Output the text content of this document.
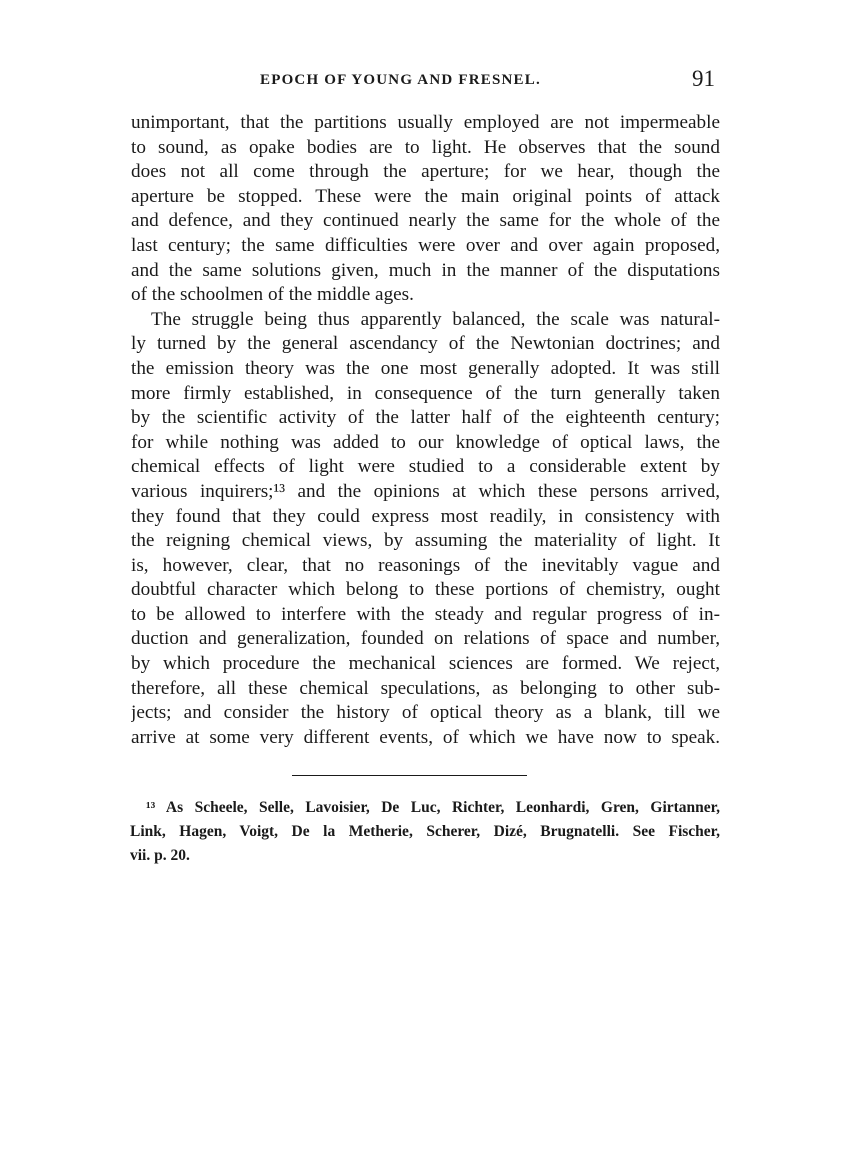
EPOCH OF YOUNG AND FRESNEL.	91
unimportant, that the partitions usually employed are not impermeable
to sound, as opake bodies are to light. He observes that the sound
does not all come through the aperture; for we hear, though the
aperture be stopped. These were the main original points of attack
and defence, and they continued nearly the same for the whole of the
last century; the same difficulties were over and over again proposed,
and the same solutions given, much in the manner of the disputations
of the schoolmen of the middle ages.
The struggle being thus apparently balanced, the scale was natural-
ly turned by the general ascendancy of the Newtonian doctrines; and
the emission theory was the one most generally adopted. It was still
more firmly established, in consequence of the turn generally taken
by the scientific activity of the latter half of the eighteenth century;
for while nothing was added to our knowledge of optical laws, the
chemical effects of light were studied to a considerable extent by
various inquirers;¹³ and the opinions at which these persons arrived,
they found that they could express most readily, in consistency with
the reigning chemical views, by assuming the materiality of light. It
is, however, clear, that no reasonings of the inevitably vague and
doubtful character which belong to these portions of chemistry, ought
to be allowed to interfere with the steady and regular progress of in-
duction and generalization, founded on relations of space and number,
by which procedure the mechanical sciences are formed. We reject,
therefore, all these chemical speculations, as belonging to other sub-
jects; and consider the history of optical theory as a blank, till we
arrive at some very different events, of which we have now to speak.
¹³ As Scheele, Selle, Lavoisier, De Luc, Richter, Leonhardi, Gren, Girtanner,
Link, Hagen, Voigt, De la Metherie, Scherer, Dizé, Brugnatelli. See Fischer,
vii. p. 20.
